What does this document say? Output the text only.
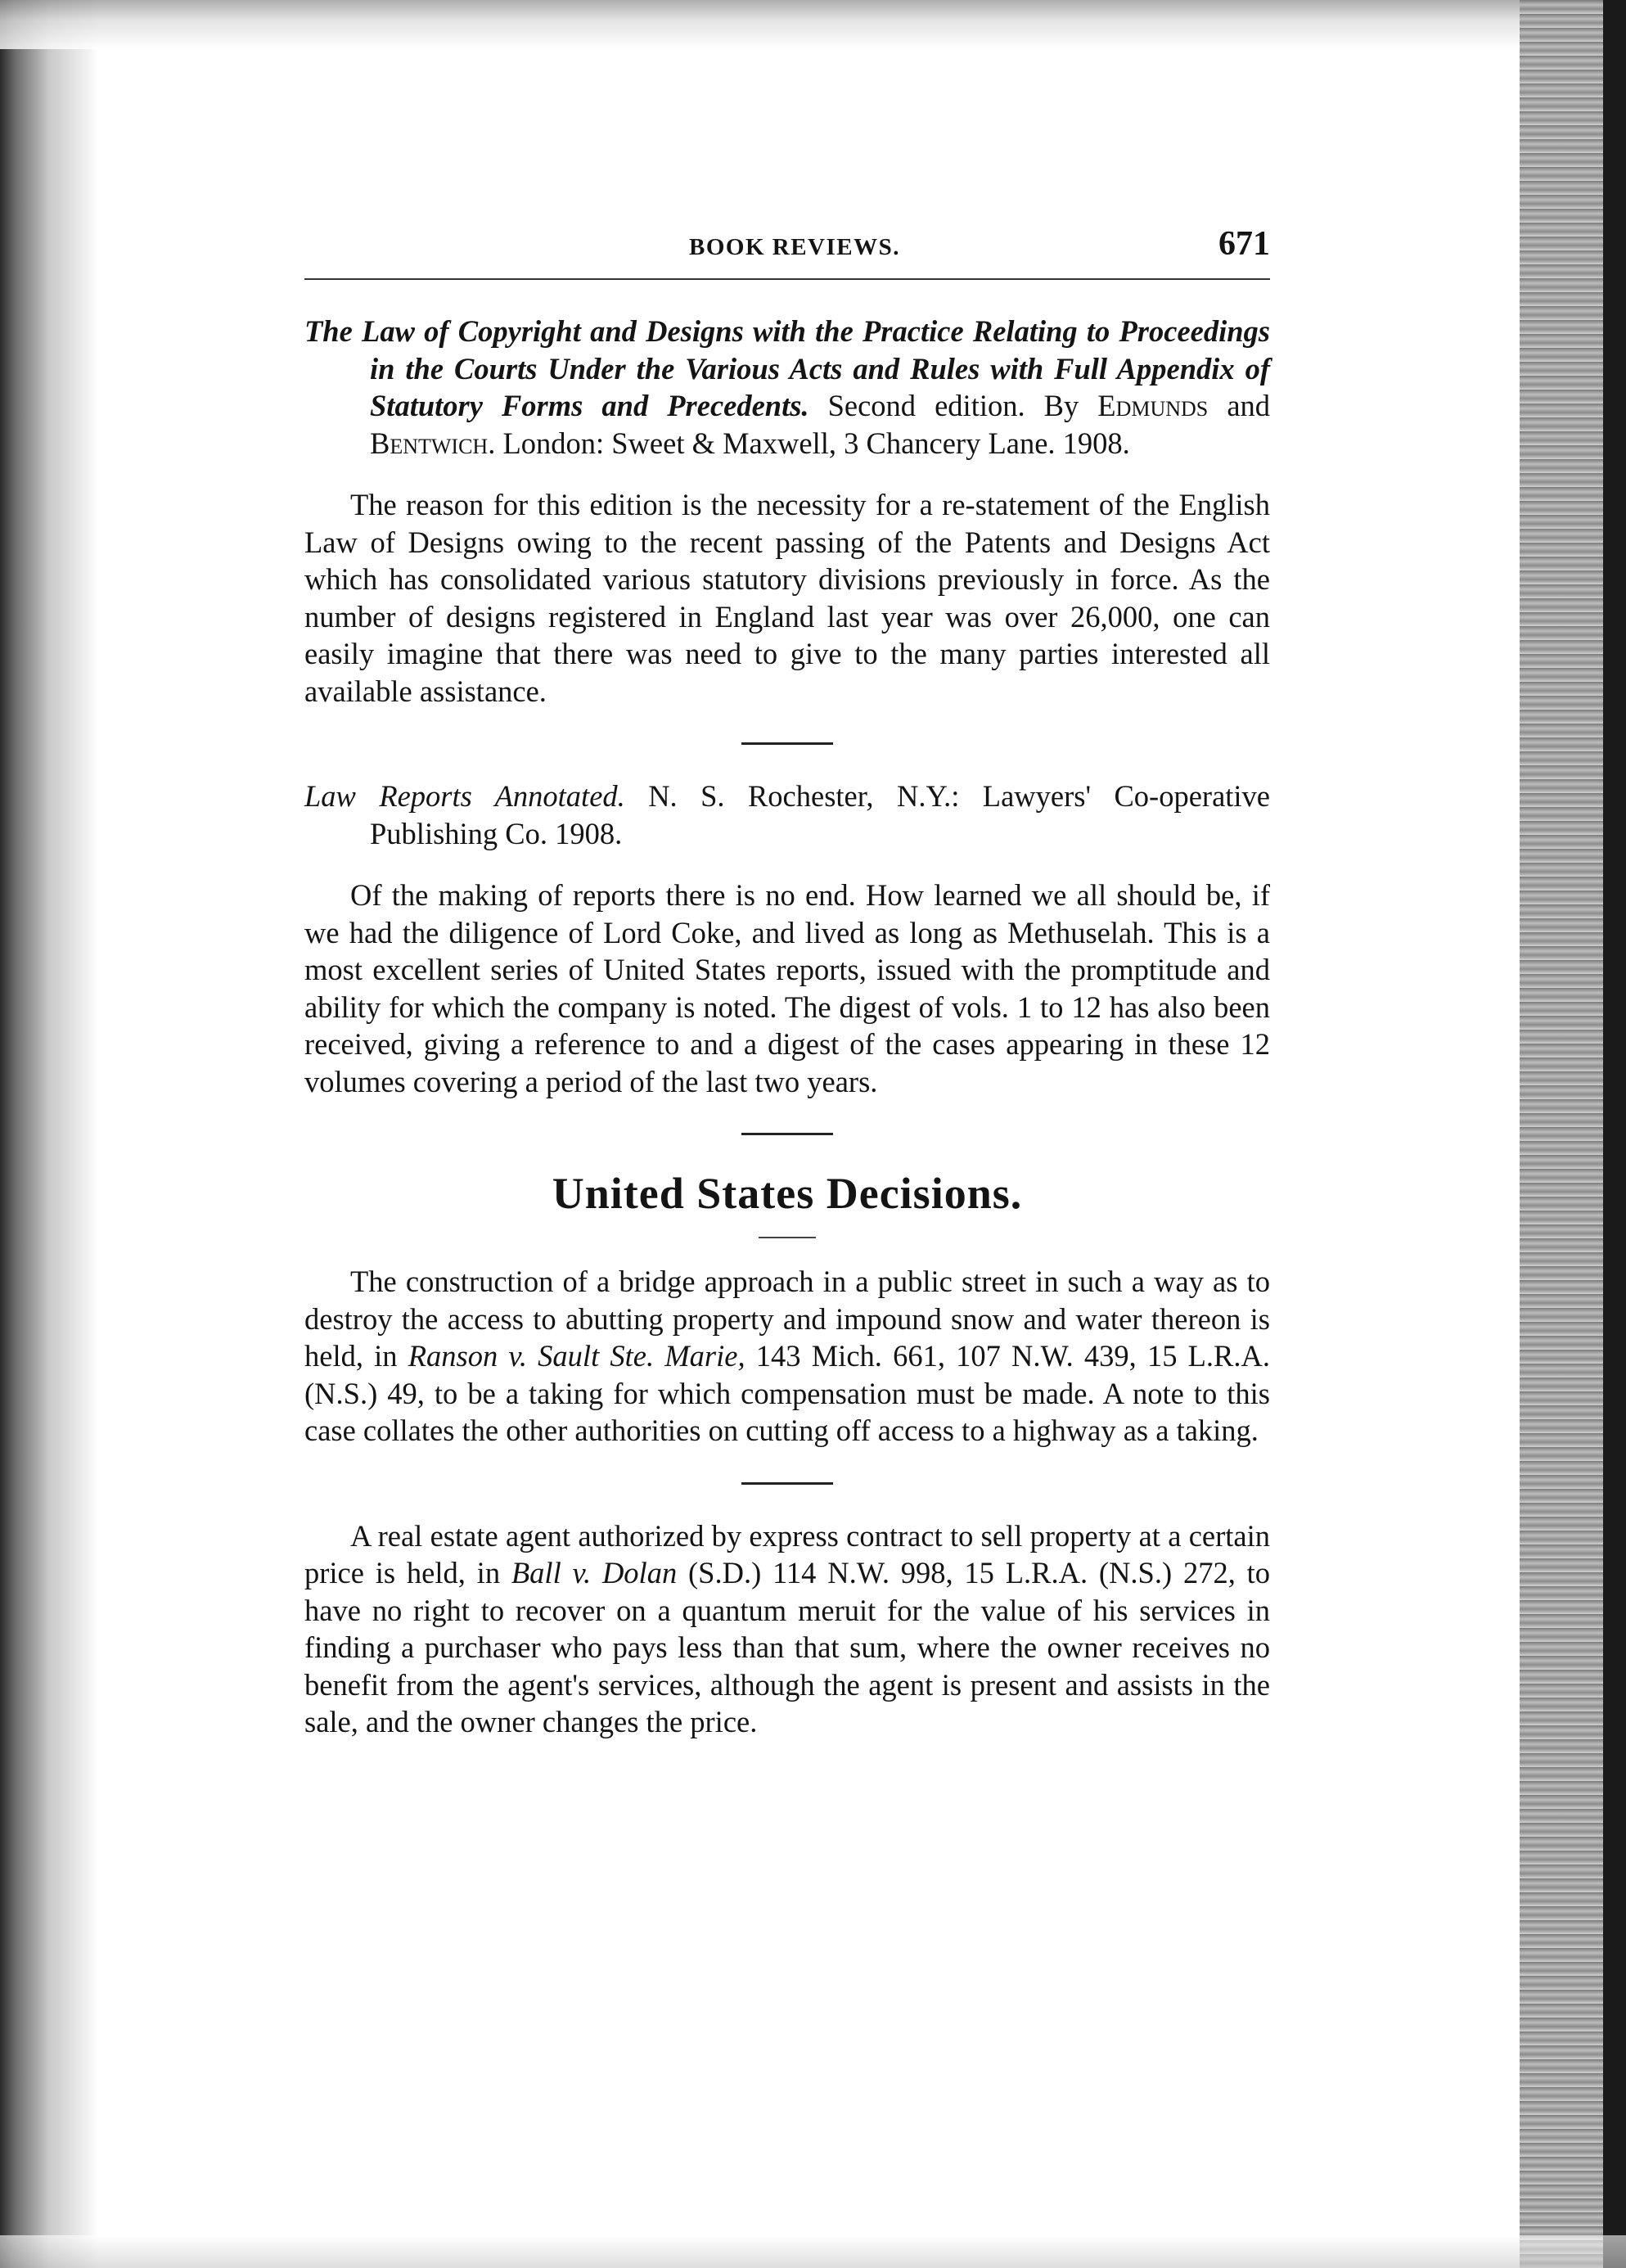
BOOK REVIEWS.	671

The Law of Copyright and Designs with the Practice Relating to Proceedings in the Courts Under the Various Acts and Rules with Full Appendix of Statutory Forms and Precedents. Second edition. By Edmunds and Bentwich. London: Sweet & Maxwell, 3 Chancery Lane. 1908.

The reason for this edition is the necessity for a re-statement of the English Law of Designs owing to the recent passing of the Patents and Designs Act which has consolidated various statutory divisions previously in force. As the number of designs registered in England last year was over 26,000, one can easily imagine that there was need to give to the many parties interested all available assistance.

Law Reports Annotated. N. S. Rochester, N.Y.: Lawyers' Co-operative Publishing Co. 1908.

Of the making of reports there is no end. How learned we all should be, if we had the diligence of Lord Coke, and lived as long as Methuselah. This is a most excellent series of United States reports, issued with the promptitude and ability for which the company is noted. The digest of vols. 1 to 12 has also been received, giving a reference to and a digest of the cases appearing in these 12 volumes covering a period of the last two years.

United States Decisions.

The construction of a bridge approach in a public street in such a way as to destroy the access to abutting property and impound snow and water thereon is held, in Ranson v. Sault Ste. Marie, 143 Mich. 661, 107 N.W. 439, 15 L.R.A. (N.S.) 49, to be a taking for which compensation must be made. A note to this case collates the other authorities on cutting off access to a highway as a taking.

A real estate agent authorized by express contract to sell property at a certain price is held, in Ball v. Dolan (S.D.) 114 N.W. 998, 15 L.R.A. (N.S.) 272, to have no right to recover on a quantum meruit for the value of his services in finding a purchaser who pays less than that sum, where the owner receives no benefit from the agent's services, although the agent is present and assists in the sale, and the owner changes the price.
